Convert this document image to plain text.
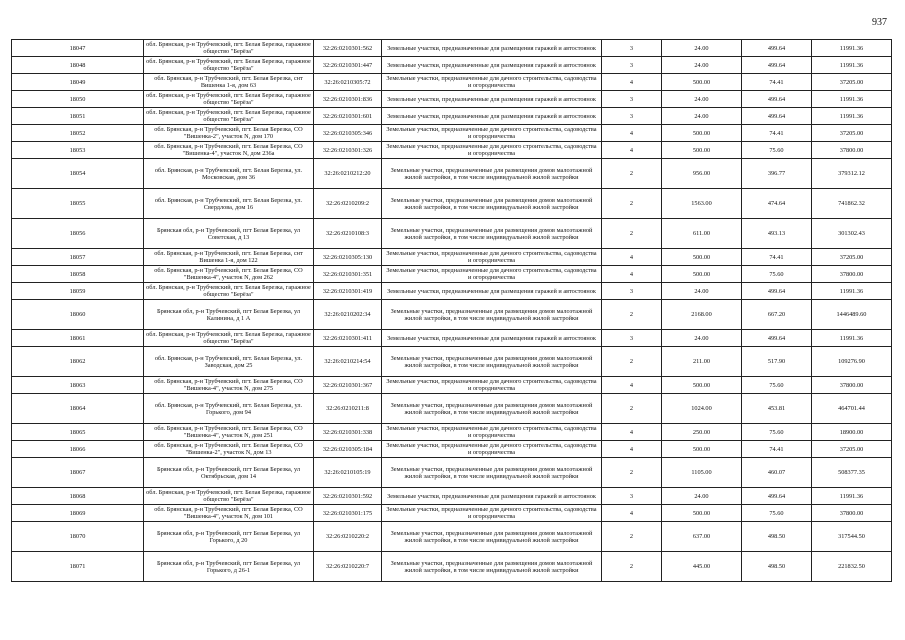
937
18047	обл. Брянская, р-н Трубчевский, пгт. Белая Березка, гаражное общество "Берёза"	32:26:0210301:562	Земельные участки, предназначенные для размещения гаражей и автостоянок	3	24.00	499.64	11991.36
18048	обл. Брянская, р-н Трубчевский, пгт. Белая Березка, гаражное общество "Берёза"	32:26:0210301:447	Земельные участки, предназначенные для размещения гаражей и автостоянок	3	24.00	499.64	11991.36
18049	обл. Брянская, р-н Трубчевский, пгт. Белая Березка, снт Вишенка 1-я, дом 63	32:26:0210305:72	Земельные участки, предназначенные для дачного строительства, садоводства и огородничества	4	500.00	74.41	37205.00
18050	обл. Брянская, р-н Трубчевский, пгт. Белая Березка, гаражное общество "Берёза"	32:26:0210301:836	Земельные участки, предназначенные для размещения гаражей и автостоянок	3	24.00	499.64	11991.36
18051	обл. Брянская, р-н Трубчевский, пгт. Белая Березка, гаражное общество "Берёза"	32:26:0210301:601	Земельные участки, предназначенные для размещения гаражей и автостоянок	3	24.00	499.64	11991.36
18052	обл. Брянская, р-н Трубчевский, пгт. Белая Березка, СО "Вишенка-2", участок N, дом 170	32:26:0210305:346	Земельные участки, предназначенные для дачного строительства, садоводства и огородничества	4	500.00	74.41	37205.00
18053	обл. Брянская, р-н Трубчевский, пгт. Белая Березка, СО "Вишенка-4", участок N, дом 236а	32:26:0210301:326	Земельные участки, предназначенные для дачного строительства, садоводства и огородничества	4	500.00	75.60	37800.00
18054	обл. Брянская, р-н Трубчевский, пгт. Белая Березка, ул. Московская, дом 36	32:26:0210212:20	Земельные участки, предназначенные для размещения домов малоэтажной жилой застройки, в том числе индивидуальной жилой застройки	2	956.00	396.77	379312.12
18055	обл. Брянская, р-н Трубчевский, пгт. Белая Березка, ул. Свердлова, дом 16	32:26:0210209:2	Земельные участки, предназначенные для размещения домов малоэтажной жилой застройки, в том числе индивидуальной жилой застройки	2	1563.00	474.64	741862.32
18056	Брянская обл, р-н Трубчевский, пгт Белая Березка, ул Советская, д 13	32:26:0210108:3	Земельные участки, предназначенные для размещения домов малоэтажной жилой застройки, в том числе индивидуальной жилой застройки	2	611.00	493.13	301302.43
18057	обл. Брянская, р-н Трубчевский, пгт. Белая Березка, снт Вишенка 1-я, дом 122	32:26:0210305:130	Земельные участки, предназначенные для дачного строительства, садоводства и огородничества	4	500.00	74.41	37205.00
18058	обл. Брянская, р-н Трубчевский, пгт. Белая Березка, СО "Вишенка-4", участок N, дом 262	32:26:0210301:351	Земельные участки, предназначенные для дачного строительства, садоводства и огородничества	4	500.00	75.60	37800.00
18059	обл. Брянская, р-н Трубчевский, пгт. Белая Березка, гаражное общество "Берёза"	32:26:0210301:419	Земельные участки, предназначенные для размещения гаражей и автостоянок	3	24.00	499.64	11991.36
18060	Брянская обл, р-н Трубчевский, пгт Белая Березка, ул Калинина, д 1 А	32:26:0210202:34	Земельные участки, предназначенные для размещения домов малоэтажной жилой застройки, в том числе индивидуальной жилой застройки	2	2168.00	667.20	1446489.60
18061	обл. Брянская, р-н Трубчевский, пгт. Белая Березка, гаражное общество "Берёза"	32:26:0210301:411	Земельные участки, предназначенные для размещения гаражей и автостоянок	3	24.00	499.64	11991.36
18062	обл. Брянская, р-н Трубчевский, пгт. Белая Березка, ул. Заводская, дом 25	32:26:0210214:54	Земельные участки, предназначенные для размещения домов малоэтажной жилой застройки, в том числе индивидуальной жилой застройки	2	211.00	517.90	109276.90
18063	обл. Брянская, р-н Трубчевский, пгт. Белая Березка, СО "Вишенка-4", участок N, дом 275	32:26:0210301:367	Земельные участки, предназначенные для дачного строительства, садоводства и огородничества	4	500.00	75.60	37800.00
18064	обл. Брянская, р-н Трубчевский, пгт. Белая Березка, ул. Горького, дом 94	32:26:0210211:8	Земельные участки, предназначенные для размещения домов малоэтажной жилой застройки, в том числе индивидуальной жилой застройки	2	1024.00	453.81	464701.44
18065	обл. Брянская, р-н Трубчевский, пгт. Белая Березка, СО "Вишенка-4", участок N, дом 251	32:26:0210301:338	Земельные участки, предназначенные для дачного строительства, садоводства и огородничества	4	250.00	75.60	18900.00
18066	обл. Брянская, р-н Трубчевский, пгт. Белая Березка, СО "Вишенка-2", участок N, дом 13	32:26:0210305:184	Земельные участки, предназначенные для дачного строительства, садоводства и огородничества	4	500.00	74.41	37205.00
18067	Брянская обл, р-н Трубчевский, пгт Белая Березка, ул Октябрьская, дом 14	32:26:0210105:19	Земельные участки, предназначенные для размещения домов малоэтажной жилой застройки, в том числе индивидуальной жилой застройки	2	1105.00	460.07	508377.35
18068	обл. Брянская, р-н Трубчевский, пгт. Белая Березка, гаражное общество "Берёза"	32:26:0210301:592	Земельные участки, предназначенные для размещения гаражей и автостоянок	3	24.00	499.64	11991.36
18069	обл. Брянская, р-н Трубчевский, пгт. Белая Березка, СО "Вишенка-4", участок N, дом 101	32:26:0210301:175	Земельные участки, предназначенные для дачного строительства, садоводства и огородничества	4	500.00	75.60	37800.00
18070	Брянская обл, р-н Трубчевский, пгт Белая Березка, ул Горького, д 20	32:26:0210220:2	Земельные участки, предназначенные для размещения домов малоэтажной жилой застройки, в том числе индивидуальной жилой застройки	2	637.00	498.50	317544.50
18071	Брянская обл, р-н Трубчевский, пгт Белая Березка, ул Горького, д 26-1	32:26:0210220:7	Земельные участки, предназначенные для размещения домов малоэтажной жилой застройки, в том числе индивидуальной жилой застройки	2	445.00	498.50	221832.50
